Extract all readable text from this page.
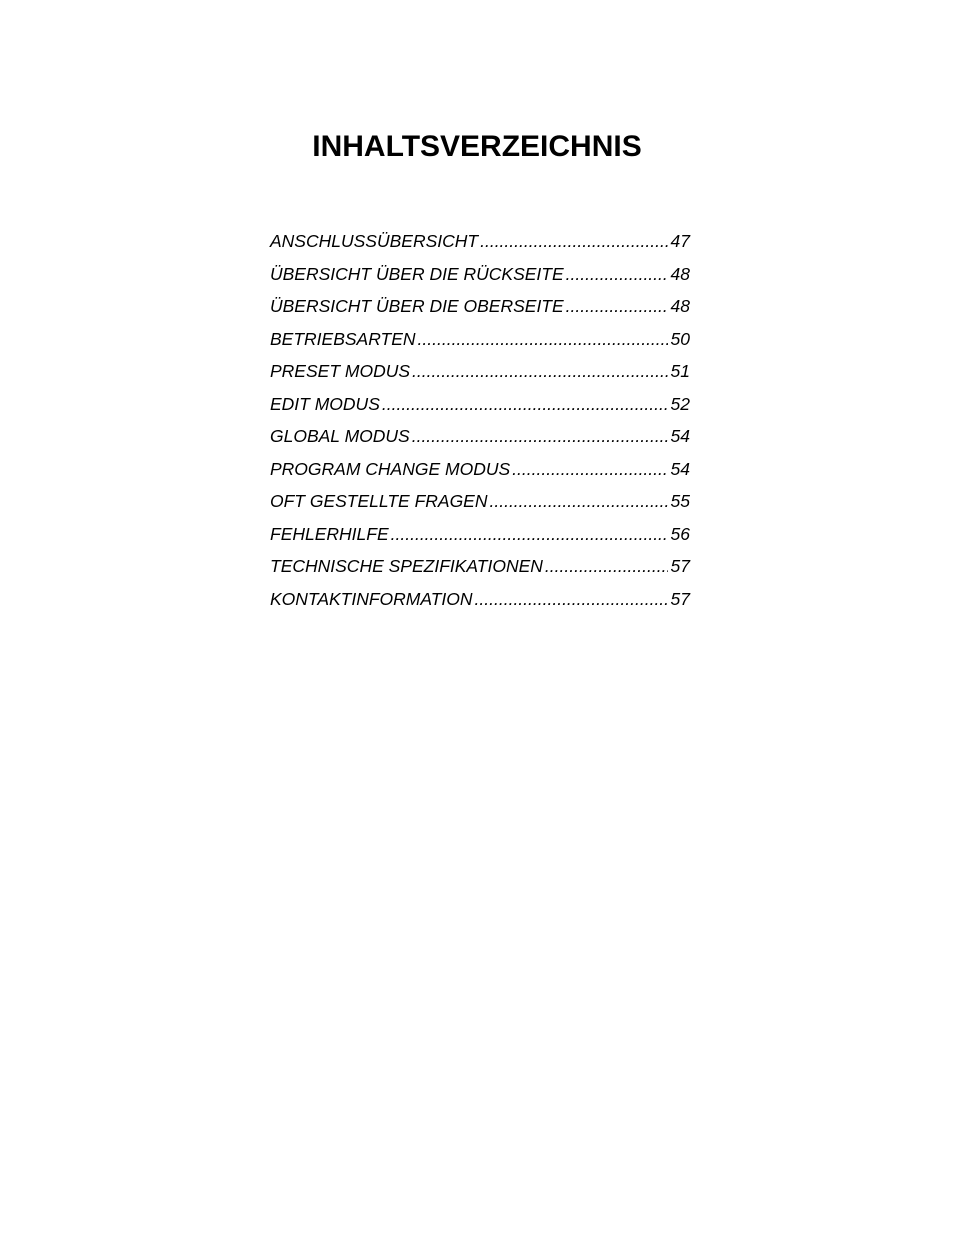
INHALTSVERZEICHNIS
ANSCHLUSSÜBERSICHT .....	47
ÜBERSICHT ÜBER DIE RÜCKSEITE .....	48
ÜBERSICHT ÜBER DIE OBERSEITE .....	48
BETRIEBSARTEN .....	50
PRESET MODUS .....	51
EDIT MODUS .....	52
GLOBAL MODUS .....	54
PROGRAM CHANGE MODUS .....	54
OFT GESTELLTE FRAGEN .....	55
FEHLERHILFE .....	56
TECHNISCHE SPEZIFIKATIONEN .....	57
KONTAKTINFORMATION .....	57
